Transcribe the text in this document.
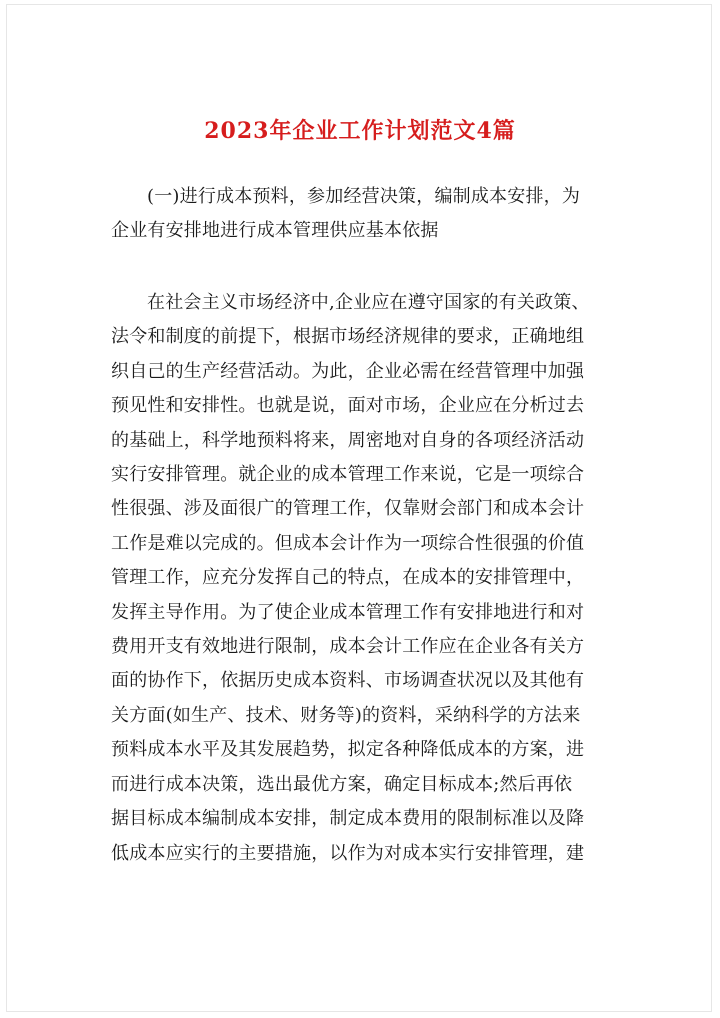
2023年企业工作计划范文4篇
(一)进行成本预料，参加经营决策，编制成本安排，为
企业有安排地进行成本管理供应基本依据
在社会主义市场经济中,企业应在遵守国家的有关政策、
法令和制度的前提下，根据市场经济规律的要求，正确地组
织自己的生产经营活动。为此，企业必需在经营管理中加强
预见性和安排性。也就是说，面对市场，企业应在分析过去
的基础上，科学地预料将来，周密地对自身的各项经济活动
实行安排管理。就企业的成本管理工作来说，它是一项综合
性很强、涉及面很广的管理工作，仅靠财会部门和成本会计
工作是难以完成的。但成本会计作为一项综合性很强的价值
管理工作，应充分发挥自己的特点，在成本的安排管理中，
发挥主导作用。为了使企业成本管理工作有安排地进行和对
费用开支有效地进行限制，成本会计工作应在企业各有关方
面的协作下，依据历史成本资料、市场调查状况以及其他有
关方面(如生产、技术、财务等)的资料，采纳科学的方法来
预料成本水平及其发展趋势，拟定各种降低成本的方案，进
而进行成本决策，选出最优方案，确定目标成本;然后再依
据目标成本编制成本安排，制定成本费用的限制标准以及降
低成本应实行的主要措施，以作为对成本实行安排管理，建
